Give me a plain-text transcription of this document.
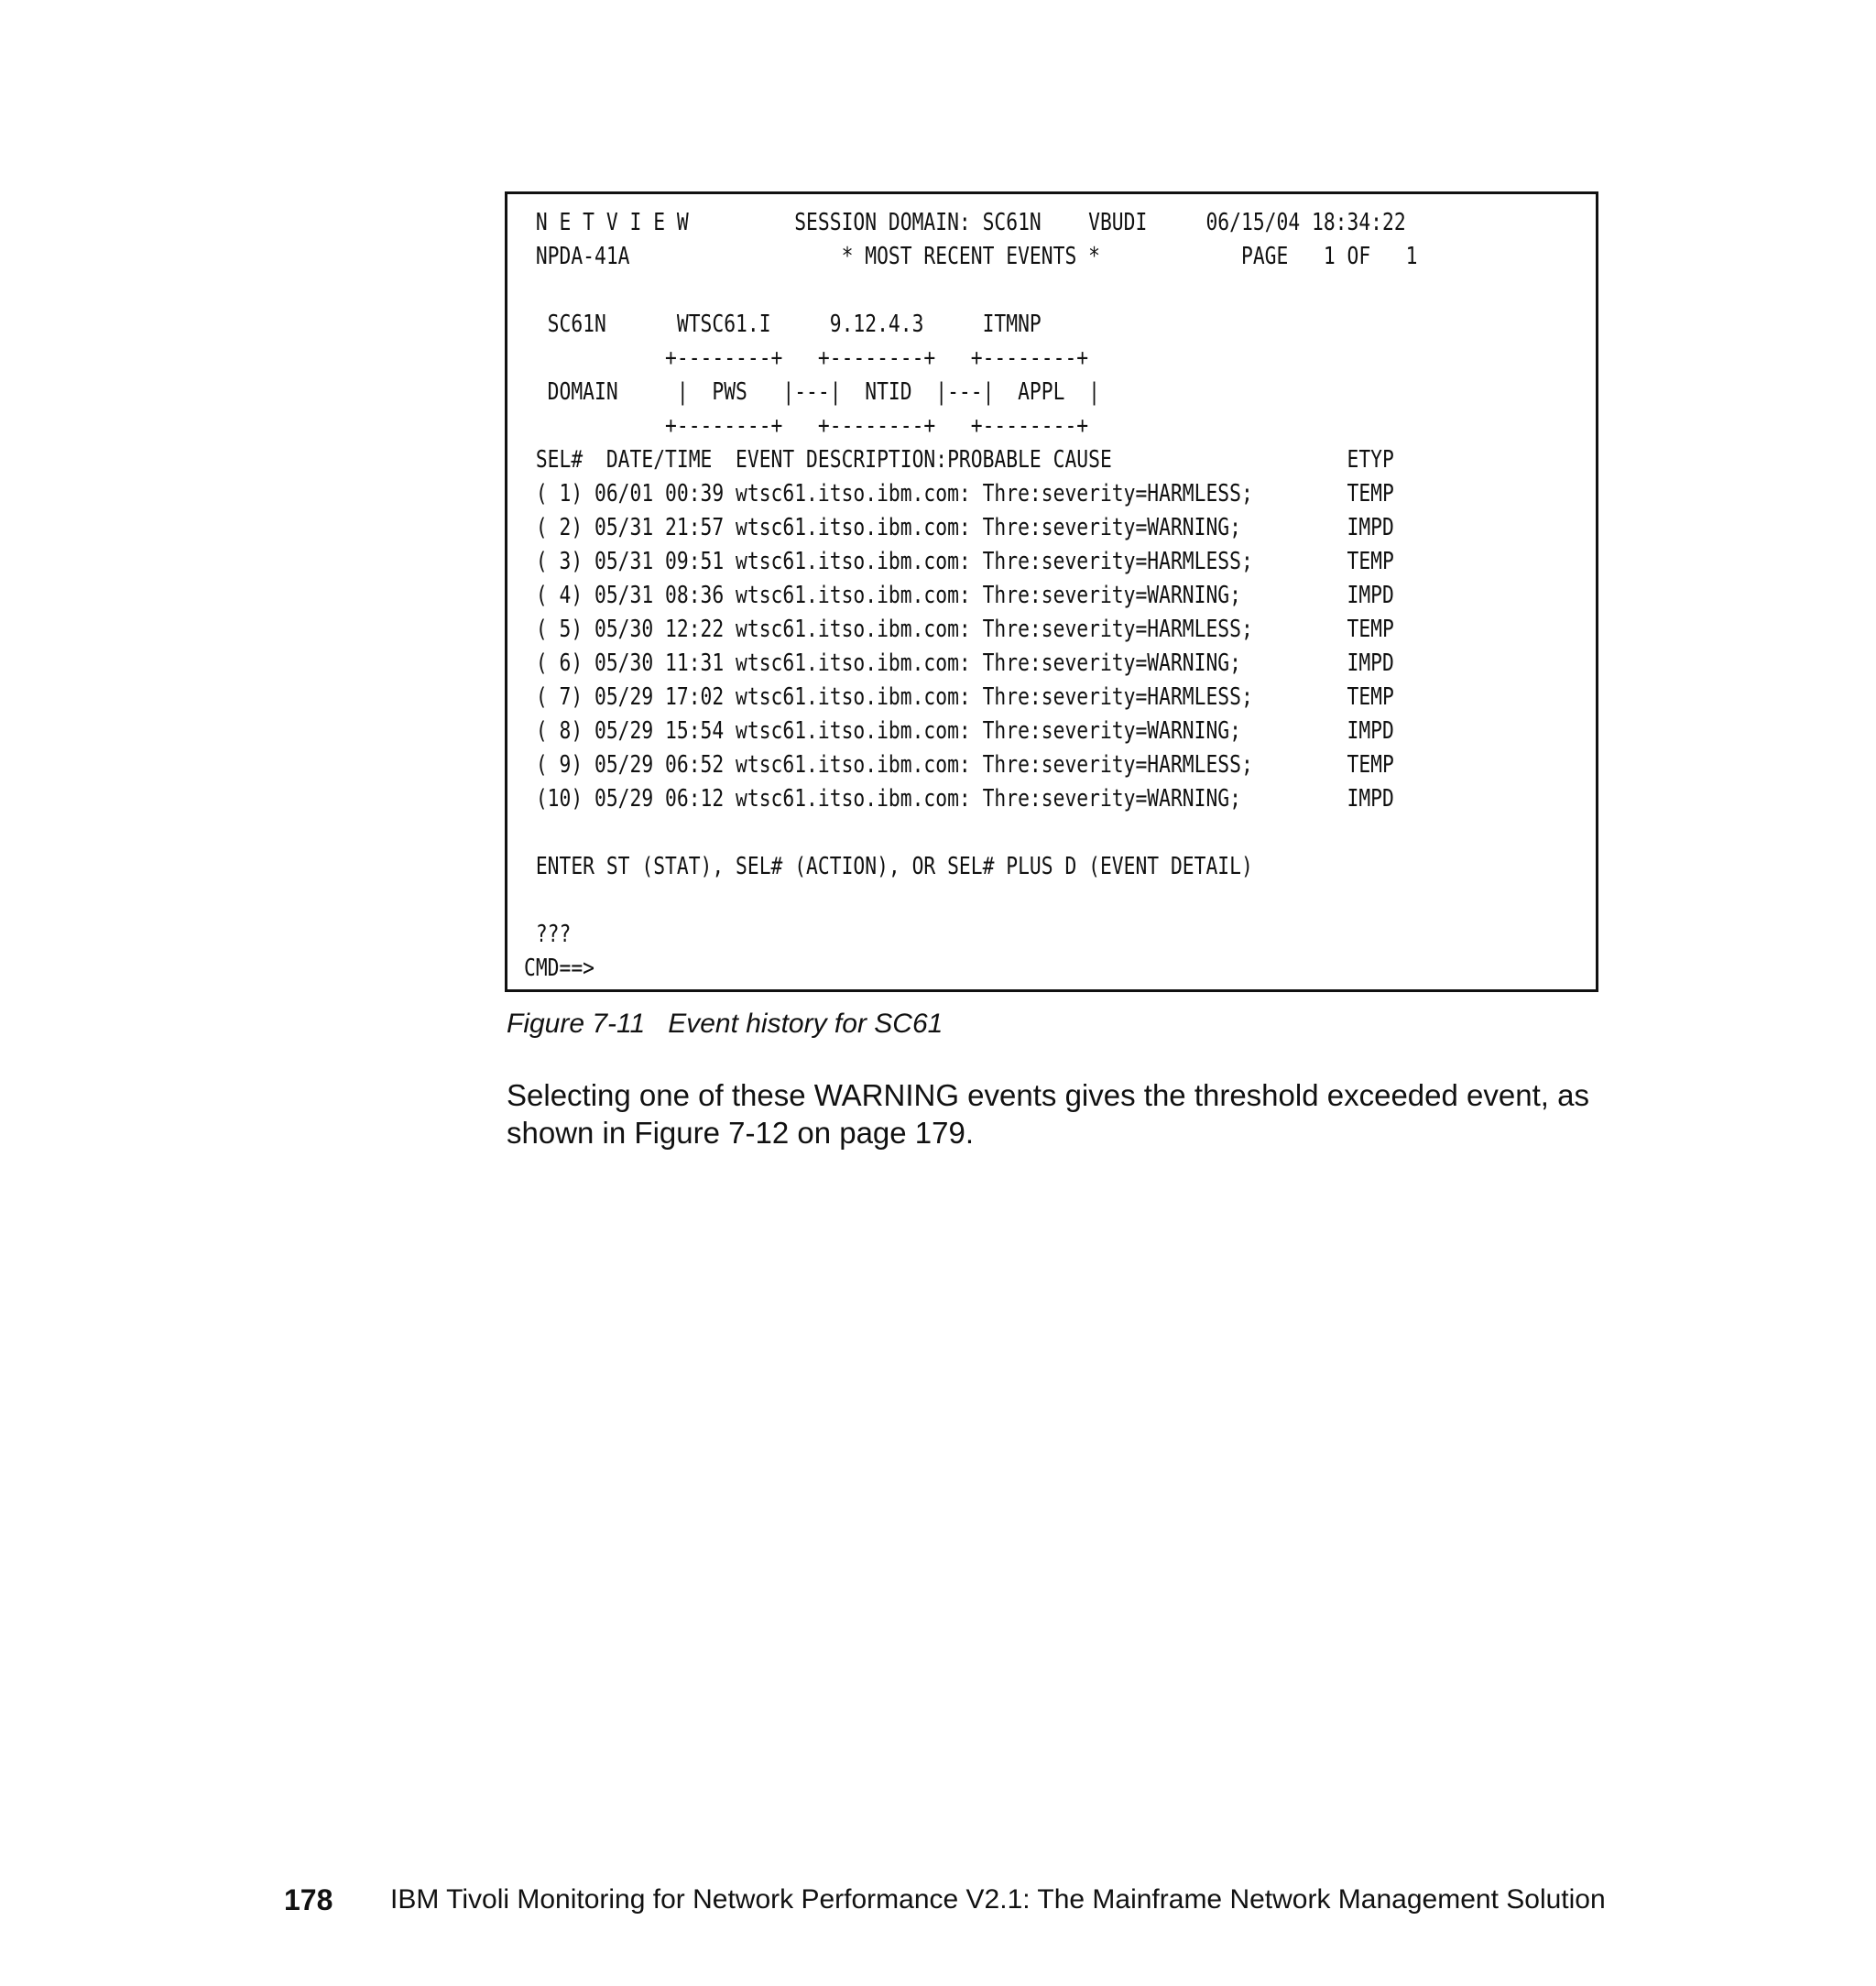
N E T V I E W         SESSION DOMAIN: SC61N    VBUDI     06/15/04 18:34:22
NPDA-41A                  * MOST RECENT EVENTS *            PAGE   1 OF   1
SC61N      WTSC61.I     9.12.4.3     ITMNP
+--------+   +--------+   +--------+
DOMAIN     |  PWS   |---|  NTID  |---|  APPL  |
+--------+   +--------+   +--------+
SEL#  DATE/TIME  EVENT DESCRIPTION:PROBABLE CAUSE                    ETYP
( 1) 06/01 00:39 wtsc61.itso.ibm.com: Thre:severity=HARMLESS;        TEMP
( 2) 05/31 21:57 wtsc61.itso.ibm.com: Thre:severity=WARNING;         IMPD
( 3) 05/31 09:51 wtsc61.itso.ibm.com: Thre:severity=HARMLESS;        TEMP
( 4) 05/31 08:36 wtsc61.itso.ibm.com: Thre:severity=WARNING;         IMPD
( 5) 05/30 12:22 wtsc61.itso.ibm.com: Thre:severity=HARMLESS;        TEMP
( 6) 05/30 11:31 wtsc61.itso.ibm.com: Thre:severity=WARNING;         IMPD
( 7) 05/29 17:02 wtsc61.itso.ibm.com: Thre:severity=HARMLESS;        TEMP
( 8) 05/29 15:54 wtsc61.itso.ibm.com: Thre:severity=WARNING;         IMPD
( 9) 05/29 06:52 wtsc61.itso.ibm.com: Thre:severity=HARMLESS;        TEMP
(10) 05/29 06:12 wtsc61.itso.ibm.com: Thre:severity=WARNING;         IMPD
ENTER ST (STAT), SEL# (ACTION), OR SEL# PLUS D (EVENT DETAIL)
???
CMD==>
Figure 7-11   Event history for SC61
Selecting one of these WARNING events gives the threshold exceeded event, as shown in Figure 7-12 on page 179.
178 IBM Tivoli Monitoring for Network Performance V2.1: The Mainframe Network Management Solution
